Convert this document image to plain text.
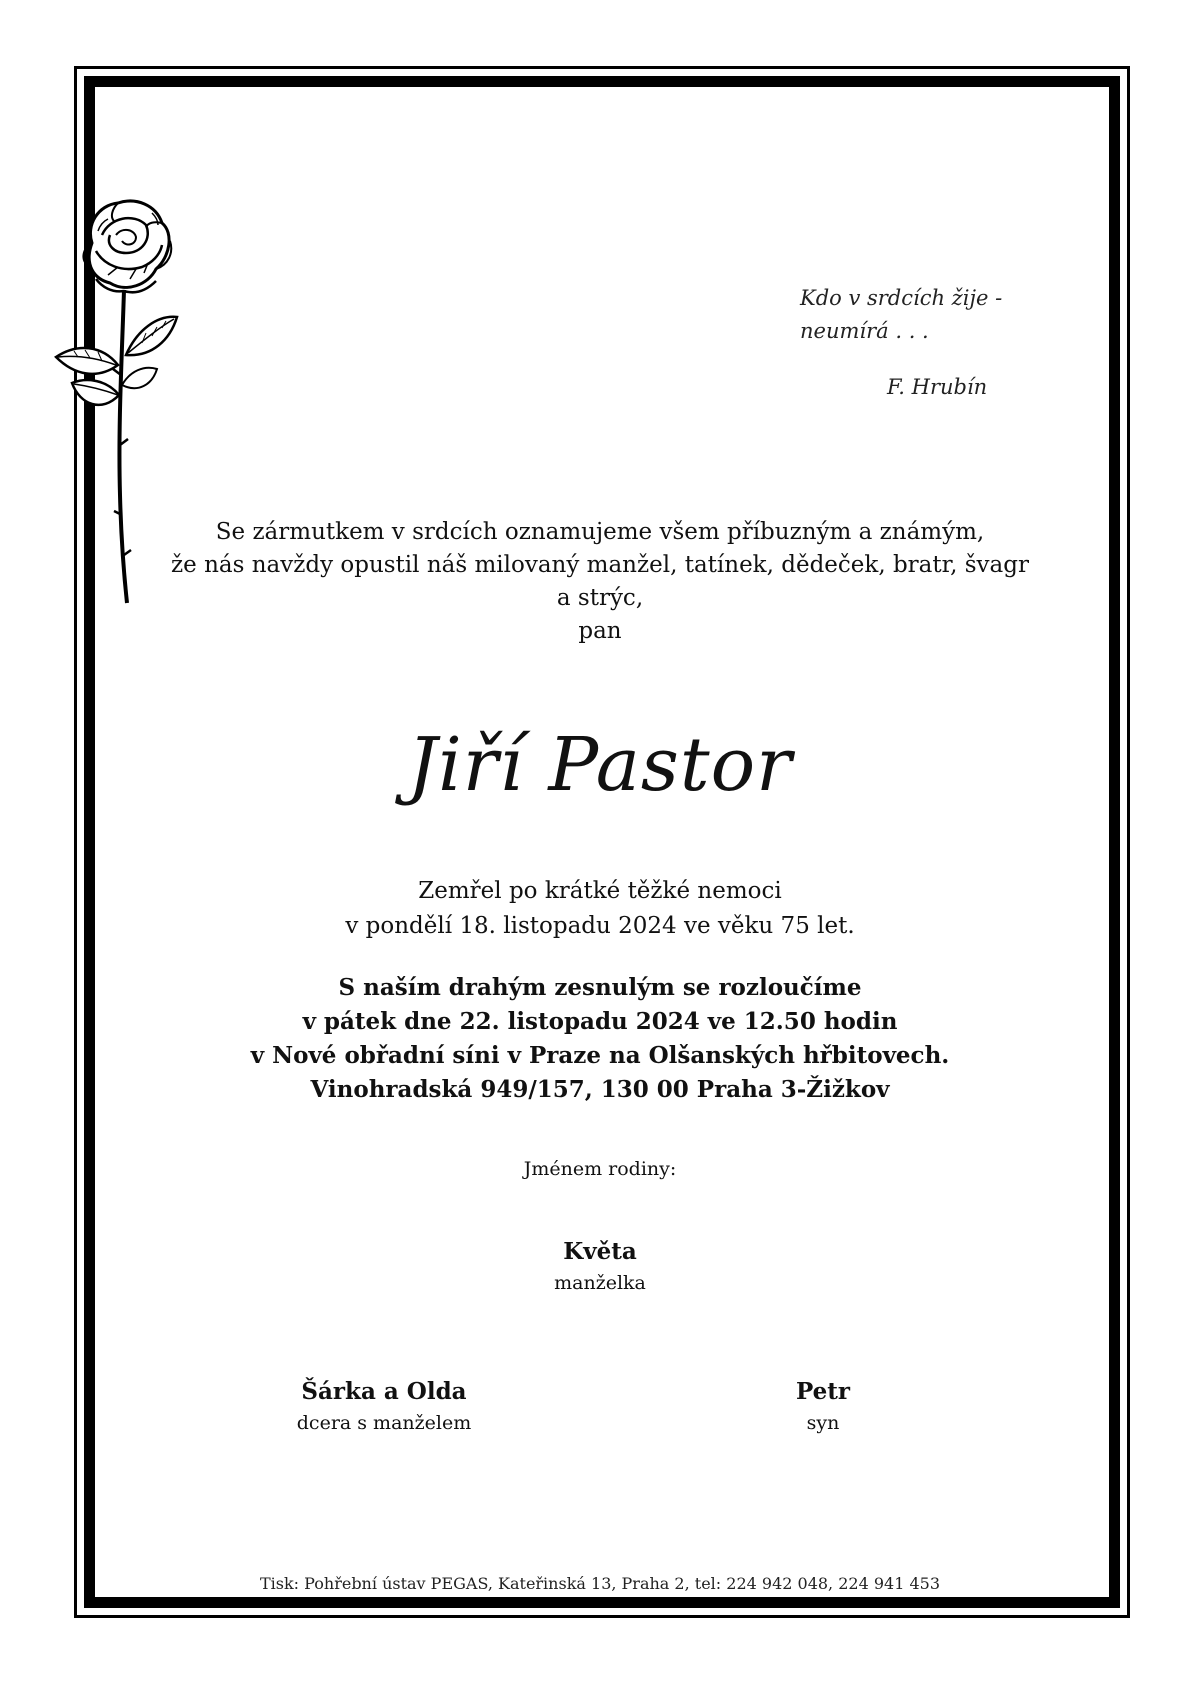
Kdo v srdcích žije -
neumírá . . .
F. Hrubín
Se zármutkem v srdcích oznamujeme všem příbuzným a známým,
že nás navždy opustil náš milovaný manžel, tatínek, dědeček, bratr, švagr
a strýc,
pan
Jiří Pastor
Zemřel po krátké těžké nemoci
v pondělí 18. listopadu 2024 ve věku 75 let.
S naším drahým zesnulým se rozloučíme
v pátek dne 22. listopadu 2024 ve 12.50 hodin
v Nové obřadní síni v Praze na Olšanských hřbitovech.
Vinohradská 949/157, 130 00 Praha 3-Žižkov
Jménem rodiny:
Květa
manželka
Šárka a Olda
dcera s manželem
Petr
syn
Tisk: Pohřební ústav PEGAS, Kateřinská 13, Praha 2, tel: 224 942 048, 224 941 453
